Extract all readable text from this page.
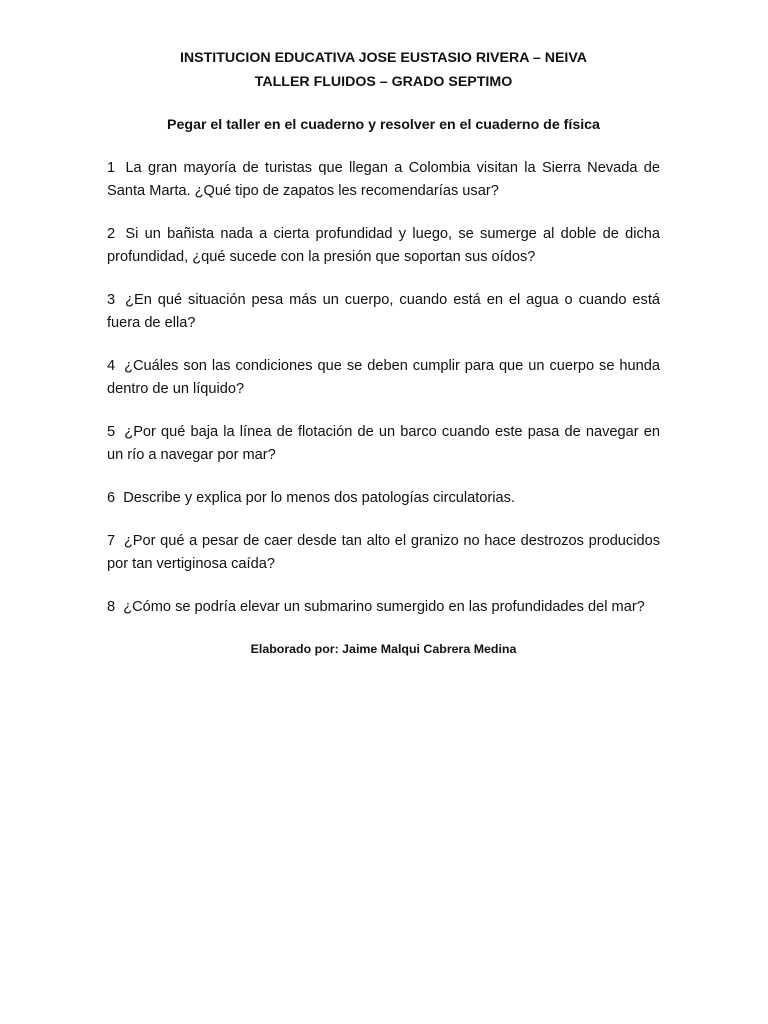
INSTITUCION EDUCATIVA JOSE EUSTASIO RIVERA – NEIVA
TALLER FLUIDOS – GRADO SEPTIMO
Pegar el taller en el cuaderno y resolver en el cuaderno de física

1 La gran mayoría de turistas que llegan a Colombia visitan la Sierra Nevada de Santa Marta. ¿Qué tipo de zapatos les recomendarías usar?

2 Si un bañista nada a cierta profundidad y luego, se sumerge al doble de dicha profundidad, ¿qué sucede con la presión que soportan sus oídos?

3 ¿En qué situación pesa más un cuerpo, cuando está en el agua o cuando está fuera de ella?

4 ¿Cuáles son las condiciones que se deben cumplir para que un cuerpo se hunda dentro de un líquido?

5 ¿Por qué baja la línea de flotación de un barco cuando este pasa de navegar en un río a navegar por mar?

6 Describe y explica por lo menos dos patologías circulatorias.

7 ¿Por qué a pesar de caer desde tan alto el granizo no hace destrozos producidos por tan vertiginosa caída?

8 ¿Cómo se podría elevar un submarino sumergido en las profundidades del mar?

Elaborado por: Jaime Malqui Cabrera Medina
